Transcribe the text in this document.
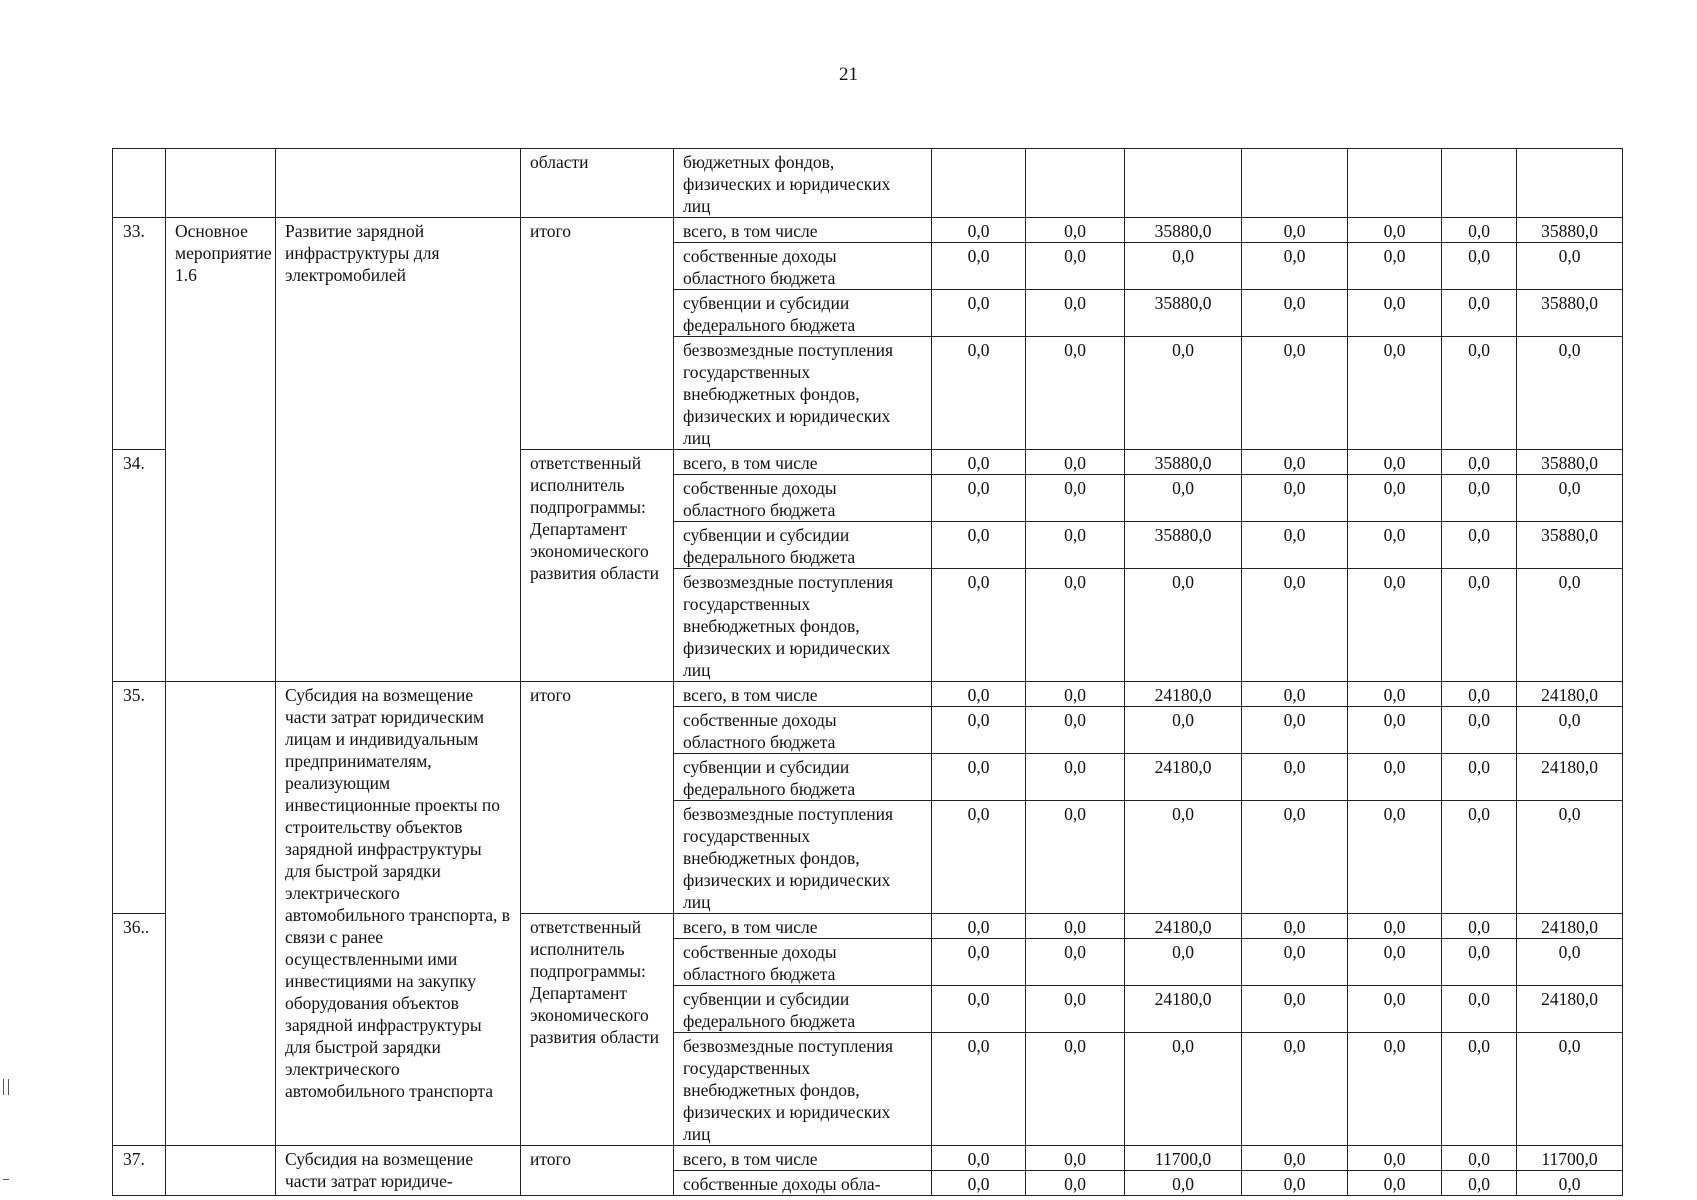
21
			области	бюджетных фондов, физических и юридических лиц							
33.	Основное мероприятие 1.6	Развитие зарядной инфраструктуры для электромобилей	итого	всего, в том числе	0,0	0,0	35880,0	0,0	0,0	0,0	35880,0
				собственные доходы областного бюджета	0,0	0,0	0,0	0,0	0,0	0,0	0,0
				субвенции и субсидии федерального бюджета	0,0	0,0	35880,0	0,0	0,0	0,0	35880,0
				безвозмездные поступления государственных внебюджетных фондов, физических и юридических лиц	0,0	0,0	0,0	0,0	0,0	0,0	0,0
34.			ответственный исполнитель подпрограммы: Департамент экономического развития области	всего, в том числе	0,0	0,0	35880,0	0,0	0,0	0,0	35880,0
				собственные доходы областного бюджета	0,0	0,0	0,0	0,0	0,0	0,0	0,0
				субвенции и субсидии федерального бюджета	0,0	0,0	35880,0	0,0	0,0	0,0	35880,0
				безвозмездные поступления государственных внебюджетных фондов, физических и юридических лиц	0,0	0,0	0,0	0,0	0,0	0,0	0,0
35.		Субсидия на возмещение части затрат юридическим лицам и индивидуальным предпринимателям, реализующим инвестиционные проекты по строительству объектов зарядной инфраструктуры для быстрой зарядки электрического автомобильного транспорта, в связи с ранее осуществленными ими инвестициями на закупку оборудования объектов зарядной инфраструктуры для быстрой зарядки электрического автомобильного транспорта	итого	всего, в том числе	0,0	0,0	24180,0	0,0	0,0	0,0	24180,0
				собственные доходы областного бюджета	0,0	0,0	0,0	0,0	0,0	0,0	0,0
				субвенции и субсидии федерального бюджета	0,0	0,0	24180,0	0,0	0,0	0,0	24180,0
				безвозмездные поступления государственных внебюджетных фондов, физических и юридических лиц	0,0	0,0	0,0	0,0	0,0	0,0	0,0
36..			ответственный исполнитель подпрограммы: Департамент экономического развития области	всего, в том числе	0,0	0,0	24180,0	0,0	0,0	0,0	24180,0
				собственные доходы областного бюджета	0,0	0,0	0,0	0,0	0,0	0,0	0,0
				субвенции и субсидии федерального бюджета	0,0	0,0	24180,0	0,0	0,0	0,0	24180,0
				безвозмездные поступления государственных внебюджетных фондов, физических и юридических лиц	0,0	0,0	0,0	0,0	0,0	0,0	0,0
37.		Субсидия на возмещение части затрат юридиче-	итого	всего, в том числе	0,0	0,0	11700,0	0,0	0,0	0,0	11700,0
				собственные доходы обла-	0,0	0,0	0,0	0,0	0,0	0,0	0,0
